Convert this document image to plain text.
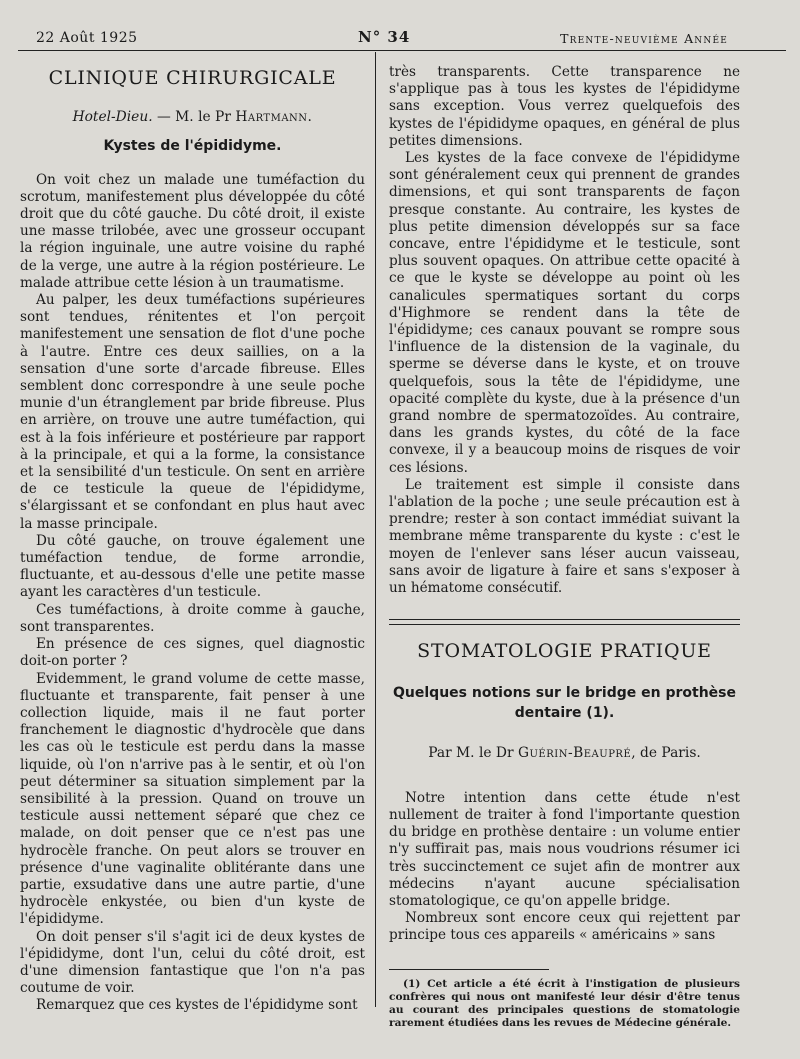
22 Août 1925	N° 34	Trente-neuvième Année
CLINIQUE CHIRURGICALE
Hotel-Dieu. — M. le Pr Hartmann.
Kystes de l'épididyme.

On voit chez un malade une tuméfaction du scrotum, manifestement plus développée du côté droit que du côté gauche. Du côté droit, il existe une masse trilobée, avec une grosseur occupant la région inguinale, une autre voisine du raphé de la verge, une autre à la région postérieure. Le malade attribue cette lésion à un traumatisme.

Au palper, les deux tuméfactions supérieures sont tendues, rénitentes et l'on perçoit manifestement une sensation de flot d'une poche à l'autre. Entre ces deux saillies, on a la sensation d'une sorte d'arcade fibreuse. Elles semblent donc correspondre à une seule poche munie d'un étranglement par bride fibreuse. Plus en arrière, on trouve une autre tuméfaction, qui est à la fois inférieure et postérieure par rapport à la principale, et qui a la forme, la consistance et la sensibilité d'un testicule. On sent en arrière de ce testicule la queue de l'épididyme, s'élargissant et se confondant en plus haut avec la masse principale.

Du côté gauche, on trouve également une tuméfaction tendue, de forme arrondie, fluctuante, et au-dessous d'elle une petite masse ayant les caractères d'un testicule.

Ces tuméfactions, à droite comme à gauche, sont transparentes.

En présence de ces signes, quel diagnostic doit-on porter ?

Evidemment, le grand volume de cette masse, fluctuante et transparente, fait penser à une collection liquide, mais il ne faut porter franchement le diagnostic d'hydrocèle que dans les cas où le testicule est perdu dans la masse liquide, où l'on n'arrive pas à le sentir, et où l'on peut déterminer sa situation simplement par la sensibilité à la pression. Quand on trouve un testicule aussi nettement séparé que chez ce malade, on doit penser que ce n'est pas une hydrocèle franche. On peut alors se trouver en présence d'une vaginalite oblitérante dans une partie, exsudative dans une autre partie, d'une hydrocèle enkystée, ou bien d'un kyste de l'épididyme.

On doit penser s'il s'agit ici de deux kystes de l'épididyme, dont l'un, celui du côté droit, est d'une dimension fantastique que l'on n'a pas coutume de voir.

Remarquez que ces kystes de l'épididyme sont

très transparents. Cette transparence ne s'applique pas à tous les kystes de l'épididyme sans exception. Vous verrez quelquefois des kystes de l'épididyme opaques, en général de plus petites dimensions.

Les kystes de la face convexe de l'épididyme sont généralement ceux qui prennent de grandes dimensions, et qui sont transparents de façon presque constante. Au contraire, les kystes de plus petite dimension développés sur sa face concave, entre l'épididyme et le testicule, sont plus souvent opaques. On attribue cette opacité à ce que le kyste se développe au point où les canalicules spermatiques sortant du corps d'Highmore se rendent dans la tête de l'épididyme; ces canaux pouvant se rompre sous l'influence de la distension de la vaginale, du sperme se déverse dans le kyste, et on trouve quelquefois, sous la tête de l'épididyme, une opacité complète du kyste, due à la présence d'un grand nombre de spermatozoïdes. Au contraire, dans les grands kystes, du côté de la face convexe, il y a beaucoup moins de risques de voir ces lésions.

Le traitement est simple il consiste dans l'ablation de la poche ; une seule précaution est à prendre; rester à son contact immédiat suivant la membrane même transparente du kyste : c'est le moyen de l'enlever sans léser aucun vaisseau, sans avoir de ligature à faire et sans s'exposer à un hématome consécutif.

STOMATOLOGIE PRATIQUE
Quelques notions sur le bridge en prothèse dentaire (1).
Par M. le Dr Guérin-Beaupré, de Paris.

Notre intention dans cette étude n'est nullement de traiter à fond l'importante question du bridge en prothèse dentaire : un volume entier n'y suffirait pas, mais nous voudrions résumer ici très succinctement ce sujet afin de montrer aux médecins n'ayant aucune spécialisation stomatologique, ce qu'on appelle bridge.

Nombreux sont encore ceux qui rejettent par principe tous ces appareils « américains » sans

(1) Cet article a été écrit à l'instigation de plusieurs confrères qui nous ont manifesté leur désir d'être tenus au courant des principales questions de stomatologie rarement étudiées dans les revues de Médecine générale.
